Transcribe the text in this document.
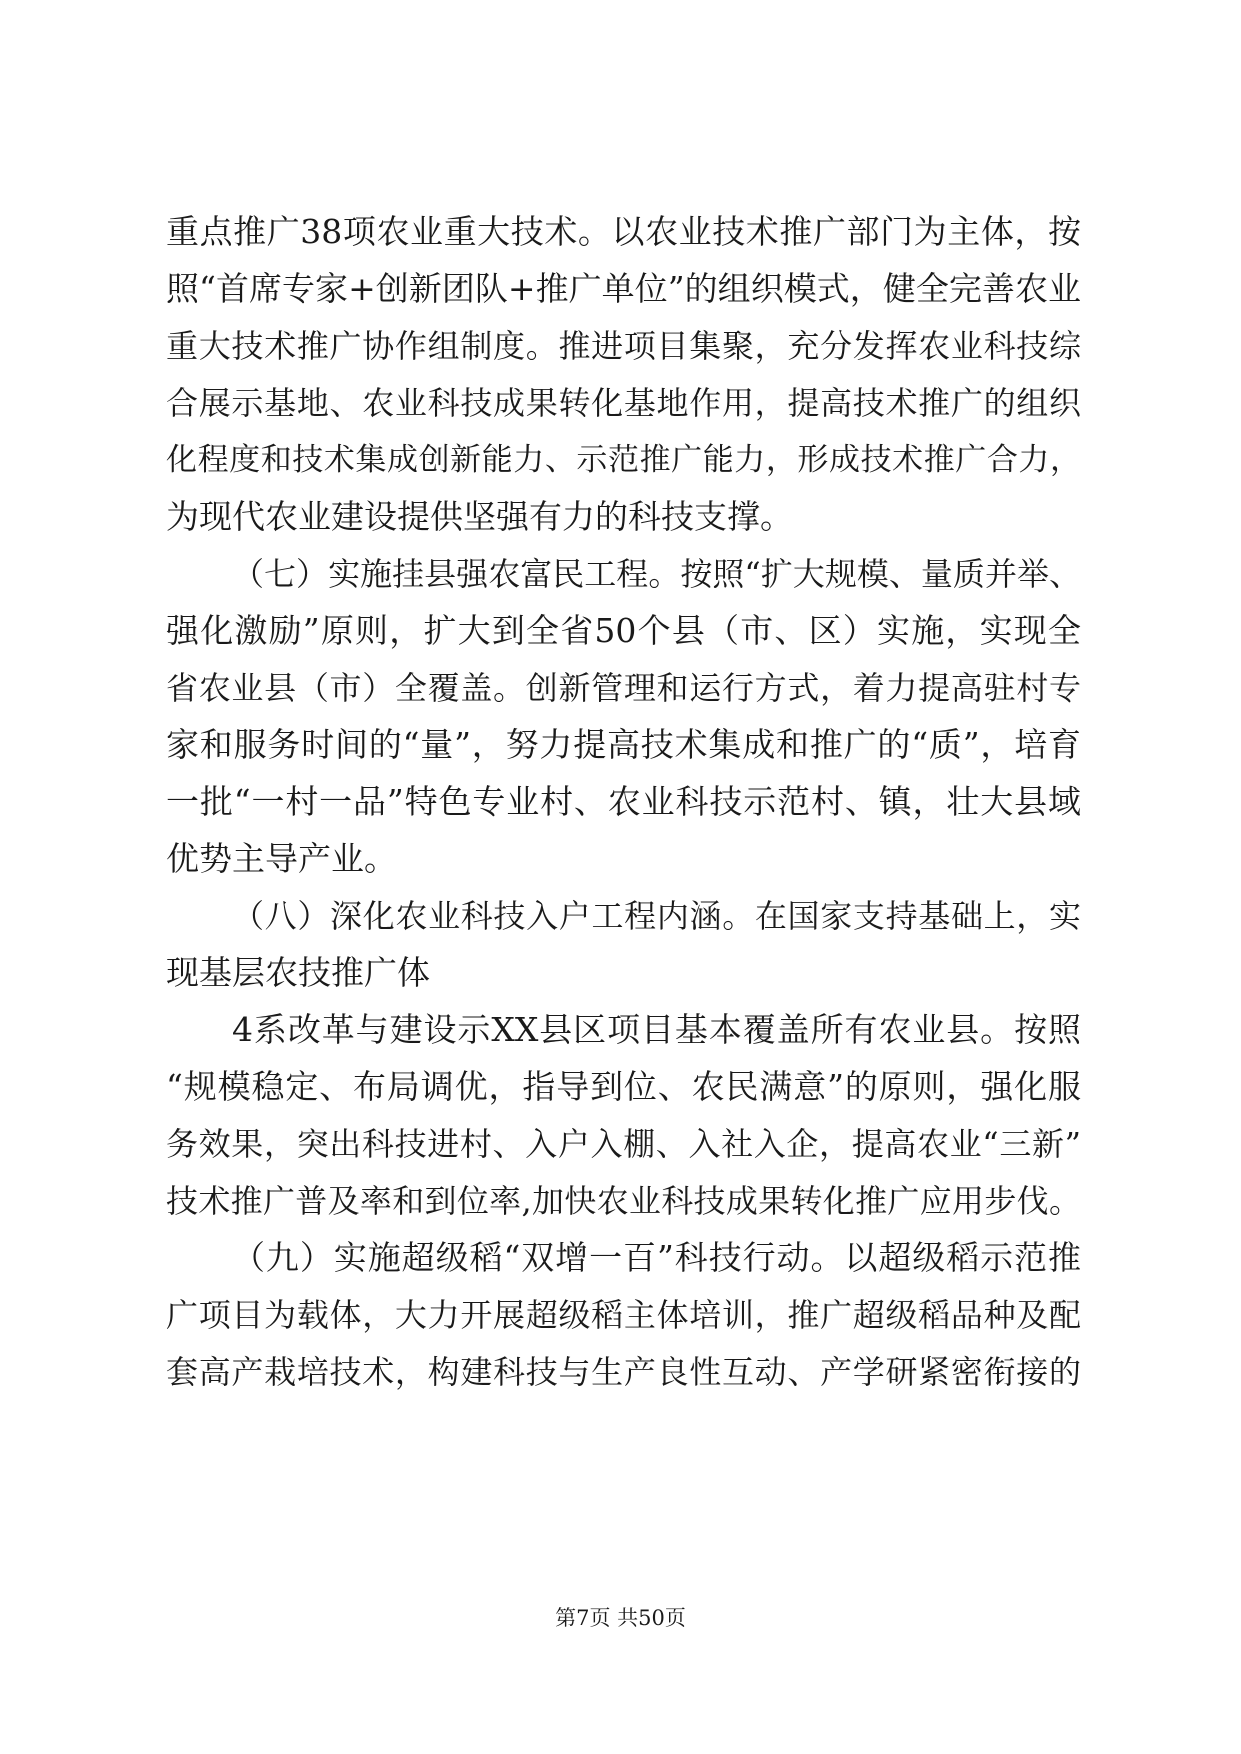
重点推广38项农业重大技术。以农业技术推广部门为主体，按
照“首席专家+创新团队+推广单位”的组织模式，健全完善农业
重大技术推广协作组制度。推进项目集聚，充分发挥农业科技综
合展示基地、农业科技成果转化基地作用，提高技术推广的组织
化程度和技术集成创新能力、示范推广能力，形成技术推广合力，
为现代农业建设提供坚强有力的科技支撑。
（七）实施挂县强农富民工程。按照“扩大规模、量质并举、
强化激励”原则，扩大到全省50个县（市、区）实施，实现全
省农业县（市）全覆盖。创新管理和运行方式，着力提高驻村专
家和服务时间的“量”，努力提高技术集成和推广的“质”，培育
一批“一村一品”特色专业村、农业科技示范村、镇，壮大县域
优势主导产业。
（八）深化农业科技入户工程内涵。在国家支持基础上，实
现基层农技推广体
4系改革与建设示XX县区项目基本覆盖所有农业县。按照
“规模稳定、布局调优，指导到位、农民满意”的原则，强化服
务效果，突出科技进村、入户入棚、入社入企，提高农业“三新”
技术推广普及率和到位率,加快农业科技成果转化推广应用步伐。
（九）实施超级稻“双增一百”科技行动。以超级稻示范推
广项目为载体，大力开展超级稻主体培训，推广超级稻品种及配
套高产栽培技术，构建科技与生产良性互动、产学研紧密衔接的
第7页 共50页
